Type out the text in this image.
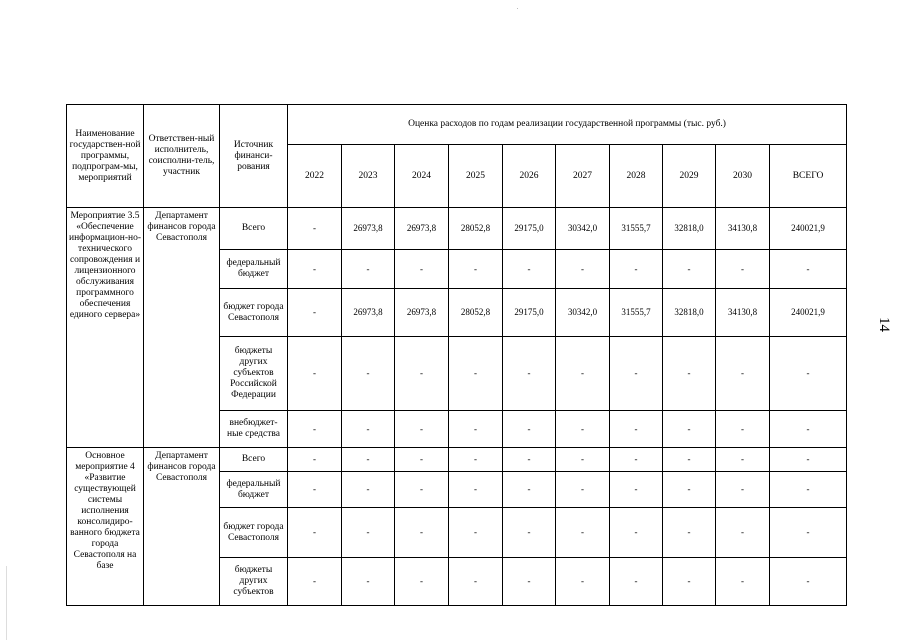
Наименование государствен-ной программы, подпрограм-мы, мероприятий	Ответствен-ный исполнитель, соисполни-тель, участник	Источник финанси-рования	Оценка расходов по годам реализации государственной программы (тыс. руб.)									
			2022	2023	2024	2025	2026	2027	2028	2029	2030	ВСЕГО
Мероприятие 3.5 «Обеспечение информацион-но-технического сопровождения и лицензионного обслуживания программного обеспечения единого сервера»	Департамент финансов города Севастополя	Всего	-	26973,8	26973,8	28052,8	29175,0	30342,0	31555,7	32818,0	34130,8	240021,9
		федеральный бюджет	-	-	-	-	-	-	-	-	-	-
		бюджет города Севастополя	-	26973,8	26973,8	28052,8	29175,0	30342,0	31555,7	32818,0	34130,8	240021,9
		бюджеты других субъектов Российской Федерации	-	-	-	-	-	-	-	-	-	-
		внебюджет-ные средства	-	-	-	-	-	-	-	-	-	-
Основное мероприятие 4 «Развитие существующей системы исполнения консолидиро-ванного бюджета города Севастополя на базе	Департамент финансов города Севастополя	Всего	-	-	-	-	-	-	-	-	-	-
		федеральный бюджет	-	-	-	-	-	-	-	-	-	-
		бюджет города Севастополя	-	-	-	-	-	-	-	-	-	-
		бюджеты других субъектов	-	-	-	-	-	-	-	-	-	-
14
